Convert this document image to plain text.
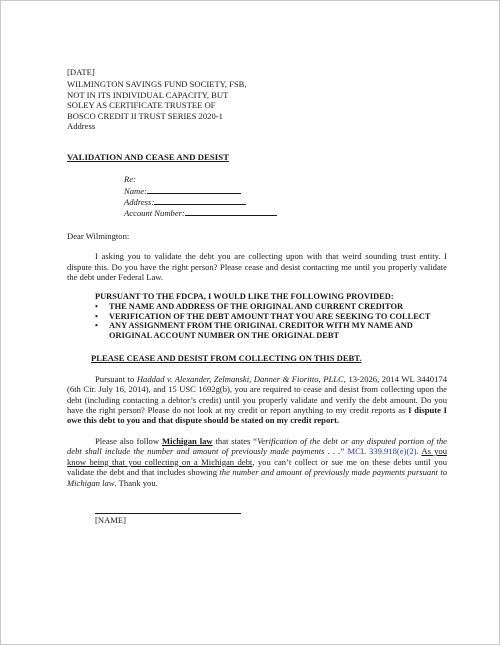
[DATE]
WILMINGTON SAVINGS FUND SOCIETY, FSB,
NOT IN ITS INDIVIDUAL CAPACITY, BUT
SOLEY AS CERTIFICATE TRUSTEE OF
BOSCO CREDIT II TRUST SERIES 2020-1
Address
VALIDATION AND CEASE AND DESIST
Re:
Name:
Address:
Account Number:
Dear Wilmington:
I asking you to validate the debt you are collecting upon with that weird sounding trust entity. I dispute this. Do you have the right person? Please cease and desist contacting me until you properly validate the debt under Federal Law.
PURSUANT TO THE FDCPA, I WOULD LIKE THE FOLLOWING PROVIDED:
• THE NAME AND ADDRESS OF THE ORIGINAL AND CURRENT CREDITOR
• VERIFICATION OF THE DEBT AMOUNT THAT YOU ARE SEEKING TO COLLECT
• ANY ASSIGNMENT FROM THE ORIGINAL CREDITOR WITH MY NAME AND ORIGINAL ACCOUNT NUMBER ON THE ORIGINAL DEBT
PLEASE CEASE AND DESIST FROM COLLECTING ON THIS DEBT.
Pursuant to Haddad v. Alexander, Zelmanski, Danner & Fioritto, PLLC, 13-2026, 2014 WL 3440174 (6th Cir. July 16, 2014), and 15 USC 1692g(b), you are required to cease and desist from collecting upon the debt (including contacting a debtor’s credit) until you properly validate and verify the debt amount. Do you have the right person? Please do not look at my credit or report anything to my credit reports as I dispute I owe this debt to you and that dispute should be stated on my credit report.
Please also follow Michigan law that states “Verification of the debt or any disputed portion of the debt shall include the number and amount of previously made payments . . .” MCL 339.918(e)(2). As you know being that you collecting on a Michigan debt, you can’t collect or sue me on these debts until you validate the debt and that includes showing the number and amount of previously made payments pursuant to Michigan law. Thank you.
[NAME]
